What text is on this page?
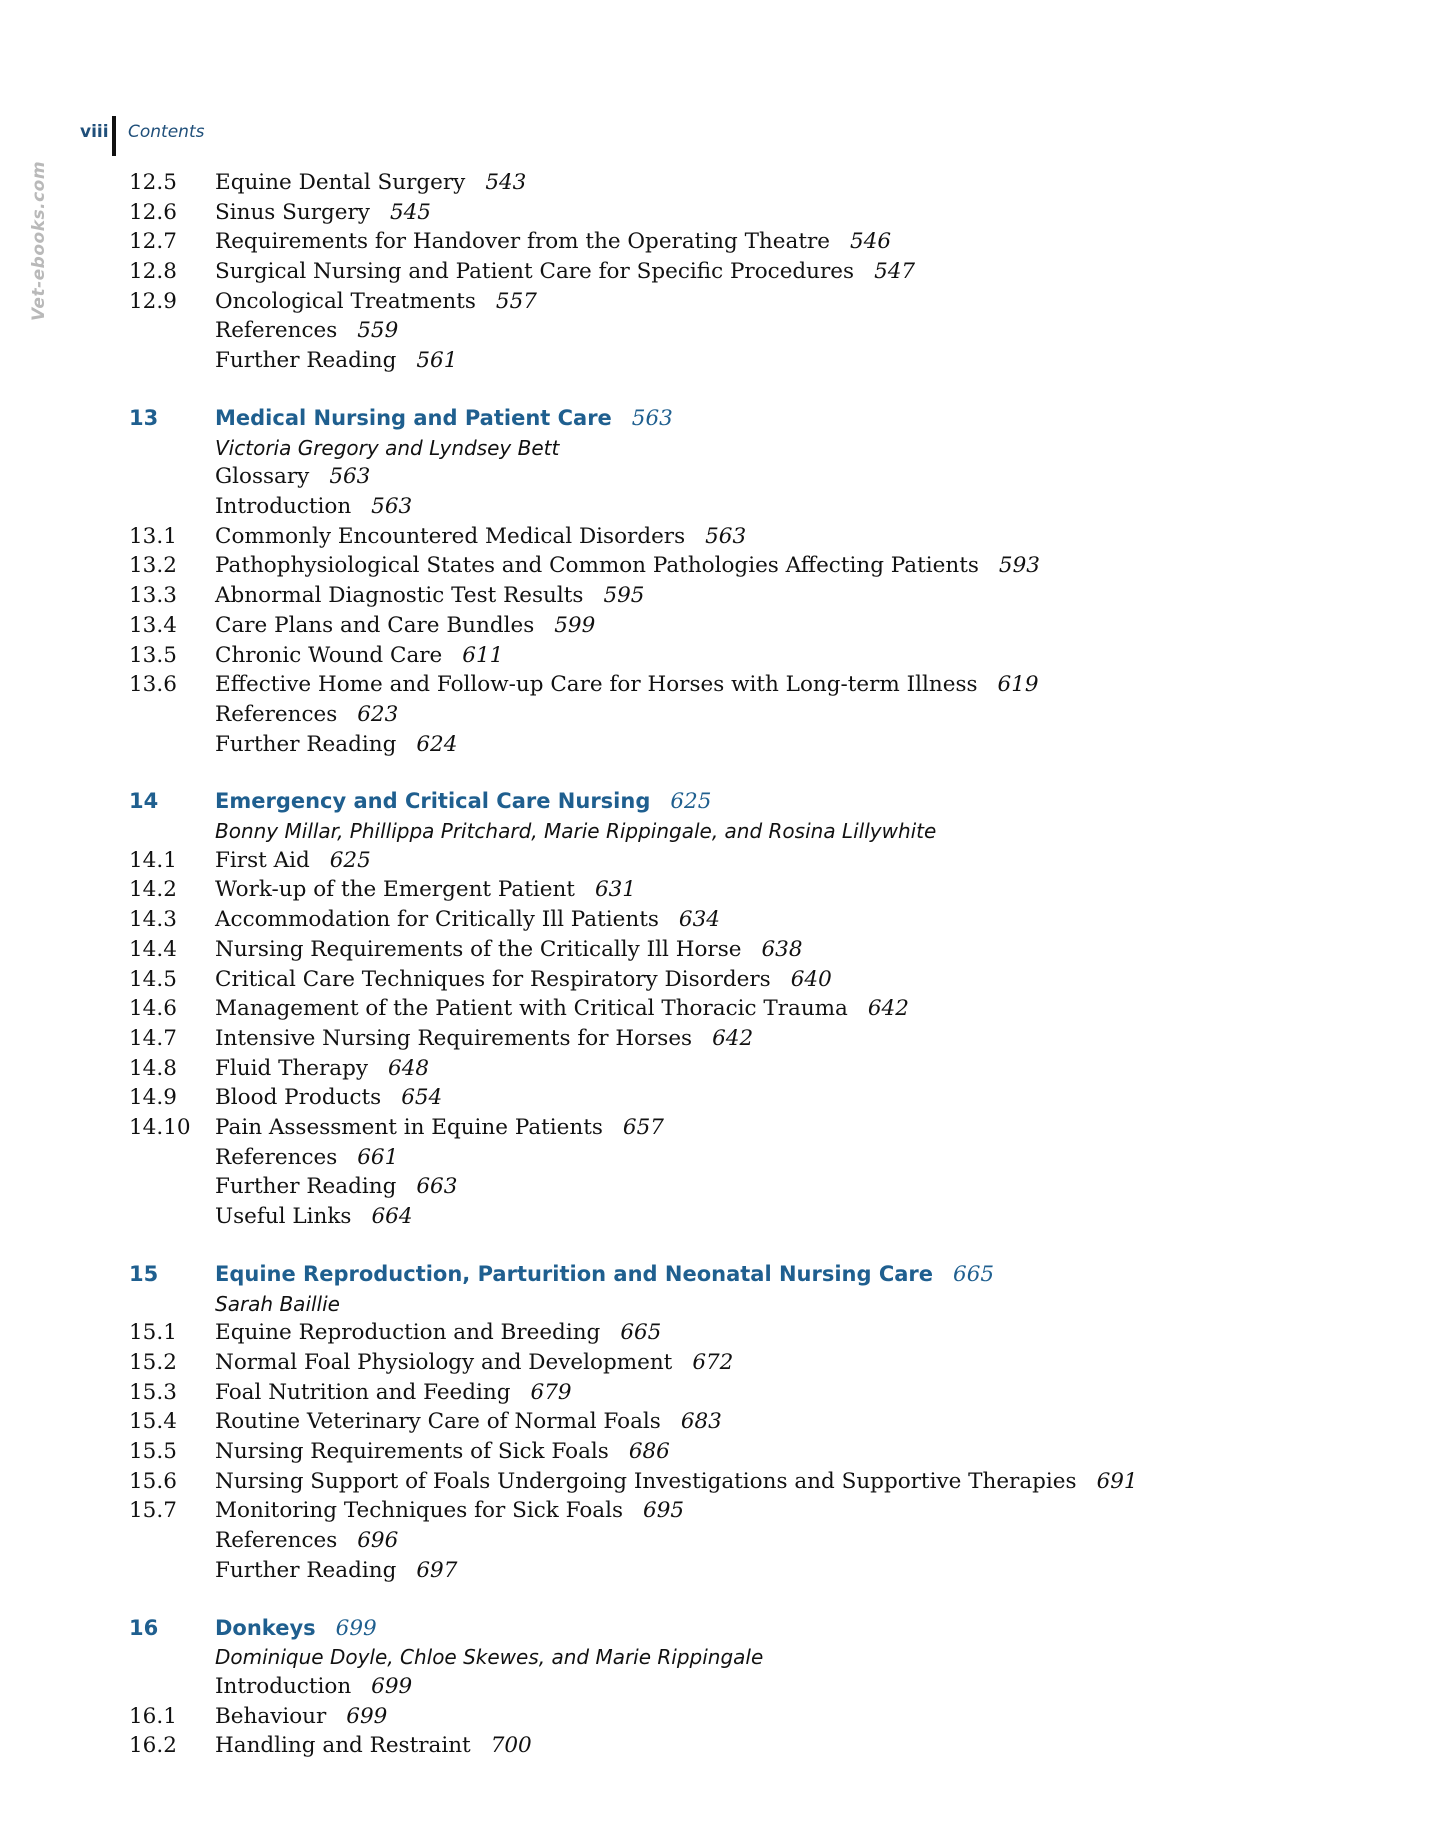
Vet-ebooks.com
viii Contents
12.5 Equine Dental Surgery 543
12.6 Sinus Surgery 545
12.7 Requirements for Handover from the Operating Theatre 546
12.8 Surgical Nursing and Patient Care for Specific Procedures 547
12.9 Oncological Treatments 557
References 559
Further Reading 561
13	Medical Nursing and Patient Care 563
Victoria Gregory and Lyndsey Bett
Glossary 563
Introduction 563
13.1 Commonly Encountered Medical Disorders 563
13.2 Pathophysiological States and Common Pathologies Affecting Patients 593
13.3 Abnormal Diagnostic Test Results 595
13.4 Care Plans and Care Bundles 599
13.5 Chronic Wound Care 611
13.6 Effective Home and Follow-up Care for Horses with Long-term Illness 619
References 623
Further Reading 624
14	Emergency and Critical Care Nursing 625
Bonny Millar, Phillippa Pritchard, Marie Rippingale, and Rosina Lillywhite
14.1 First Aid 625
14.2 Work-up of the Emergent Patient 631
14.3 Accommodation for Critically Ill Patients 634
14.4 Nursing Requirements of the Critically Ill Horse 638
14.5 Critical Care Techniques for Respiratory Disorders 640
14.6 Management of the Patient with Critical Thoracic Trauma 642
14.7 Intensive Nursing Requirements for Horses 642
14.8 Fluid Therapy 648
14.9 Blood Products 654
14.10 Pain Assessment in Equine Patients 657
References 661
Further Reading 663
Useful Links 664
15	Equine Reproduction, Parturition and Neonatal Nursing Care 665
Sarah Baillie
15.1 Equine Reproduction and Breeding 665
15.2 Normal Foal Physiology and Development 672
15.3 Foal Nutrition and Feeding 679
15.4 Routine Veterinary Care of Normal Foals 683
15.5 Nursing Requirements of Sick Foals 686
15.6 Nursing Support of Foals Undergoing Investigations and Supportive Therapies 691
15.7 Monitoring Techniques for Sick Foals 695
References 696
Further Reading 697
16	Donkeys 699
Dominique Doyle, Chloe Skewes, and Marie Rippingale
Introduction 699
16.1 Behaviour 699
16.2 Handling and Restraint 700
